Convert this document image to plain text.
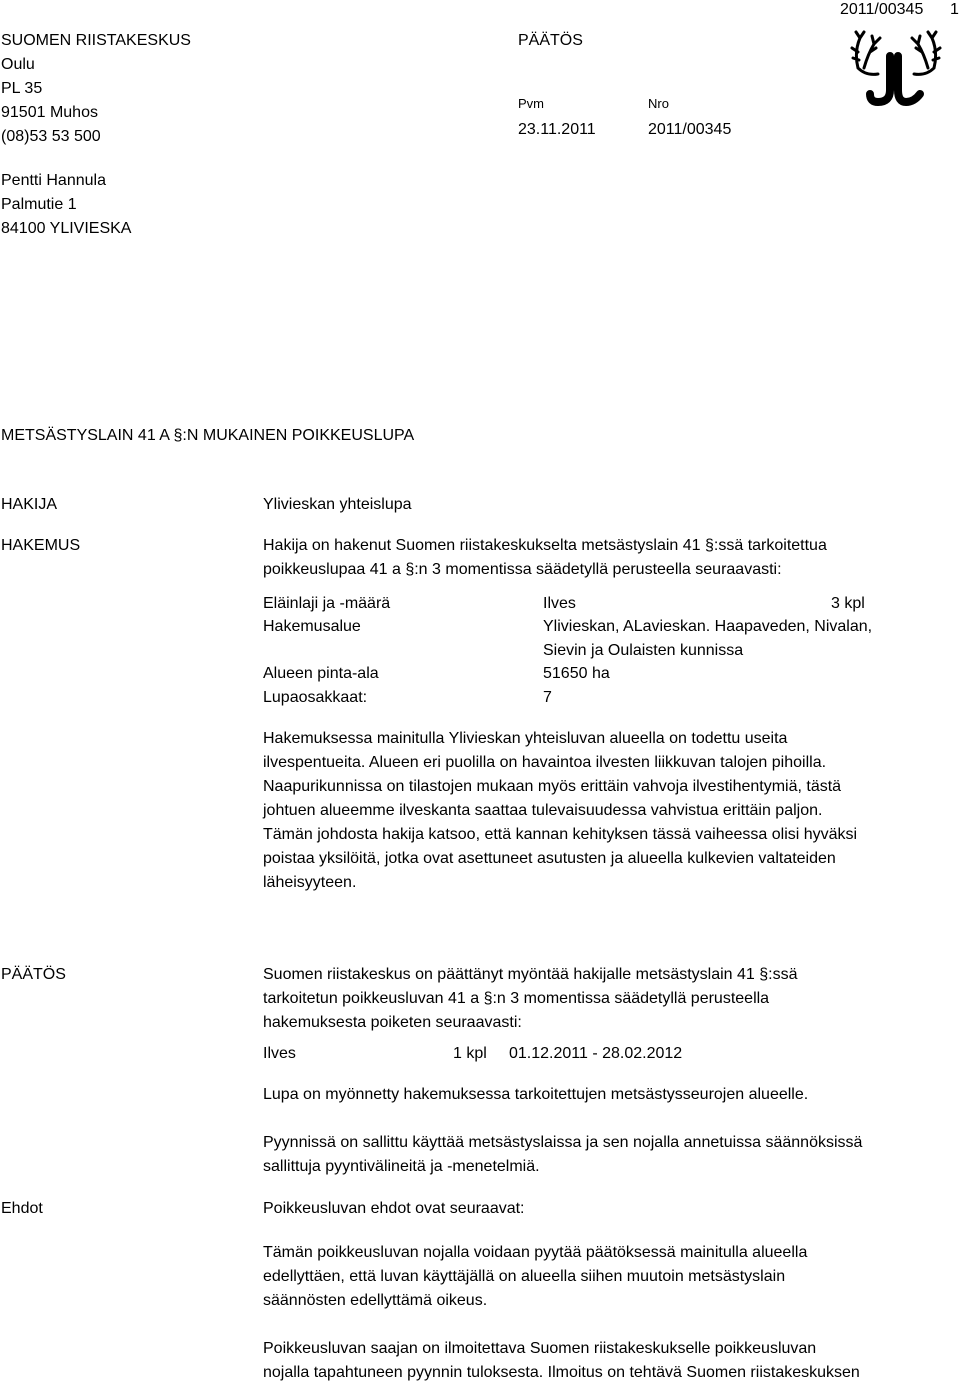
SUOMEN RIISTAKESKUS
Oulu
PL 35
91501 Muhos
(08)53 53 500
PÄÄTÖS
Pvm	Nro
23.11.2011	2011/00345
2011/00345 1
Pentti Hannula
Palmutie 1
84100 YLIVIESKA
METSÄSTYSLAIN 41 A §:N MUKAINEN POIKKEUSLUPA
HAKIJA	Ylivieskan yhteislupa
HAKEMUS	Hakija on hakenut Suomen riistakeskukselta metsästyslain 41 §:ssä tarkoitettua
poikkeuslupaa 41 a §:n 3 momentissa säädetyllä perusteella seuraavasti:
Eläinlaji ja -määrä	Ilves	3 kpl
Hakemusalue	Ylivieskan, ALavieskan. Haapaveden, Nivalan,
Sievin ja Oulaisten kunnissa
Alueen pinta-ala	51650 ha
Lupaosakkaat:	7
Hakemuksessa mainitulla Ylivieskan yhteisluvan alueella on todettu useita
ilvespentueita. Alueen eri puolilla on havaintoa ilvesten liikkuvan talojen pihoilla.
Naapurikunnissa on tilastojen mukaan myös erittäin vahvoja ilvestihentymiä, tästä
johtuen alueemme ilveskanta saattaa tulevaisuudessa vahvistua erittäin paljon.
Tämän johdosta hakija katsoo, että kannan kehityksen tässä vaiheessa olisi hyväksi
poistaa yksilöitä, jotka ovat asettuneet asutusten ja alueella kulkevien valtateiden
läheisyyteen.
PÄÄTÖS	Suomen riistakeskus on päättänyt myöntää hakijalle metsästyslain 41 §:ssä
tarkoitetun poikkeusluvan 41 a §:n 3 momentissa säädetyllä perusteella
hakemuksesta poiketen seuraavasti:
Ilves	1 kpl 01.12.2011 - 28.02.2012
Lupa on myönnetty hakemuksessa tarkoitettujen metsästysseurojen alueelle.
Pyynnissä on sallittu käyttää metsästyslaissa ja sen nojalla annetuissa säännöksissä
sallittuja pyyntivälineitä ja -menetelmiä.
Ehdot	Poikkeusluvan ehdot ovat seuraavat:
Tämän poikkeusluvan nojalla voidaan pyytää päätöksessä mainitulla alueella
edellyttäen, että luvan käyttäjällä on alueella siihen muutoin metsästyslain
säännösten edellyttämä oikeus.
Poikkeusluvan saajan on ilmoitettava Suomen riistakeskukselle poikkeusluvan
nojalla tapahtuneen pyynnin tuloksesta. Ilmoitus on tehtävä Suomen riistakeskuksen
